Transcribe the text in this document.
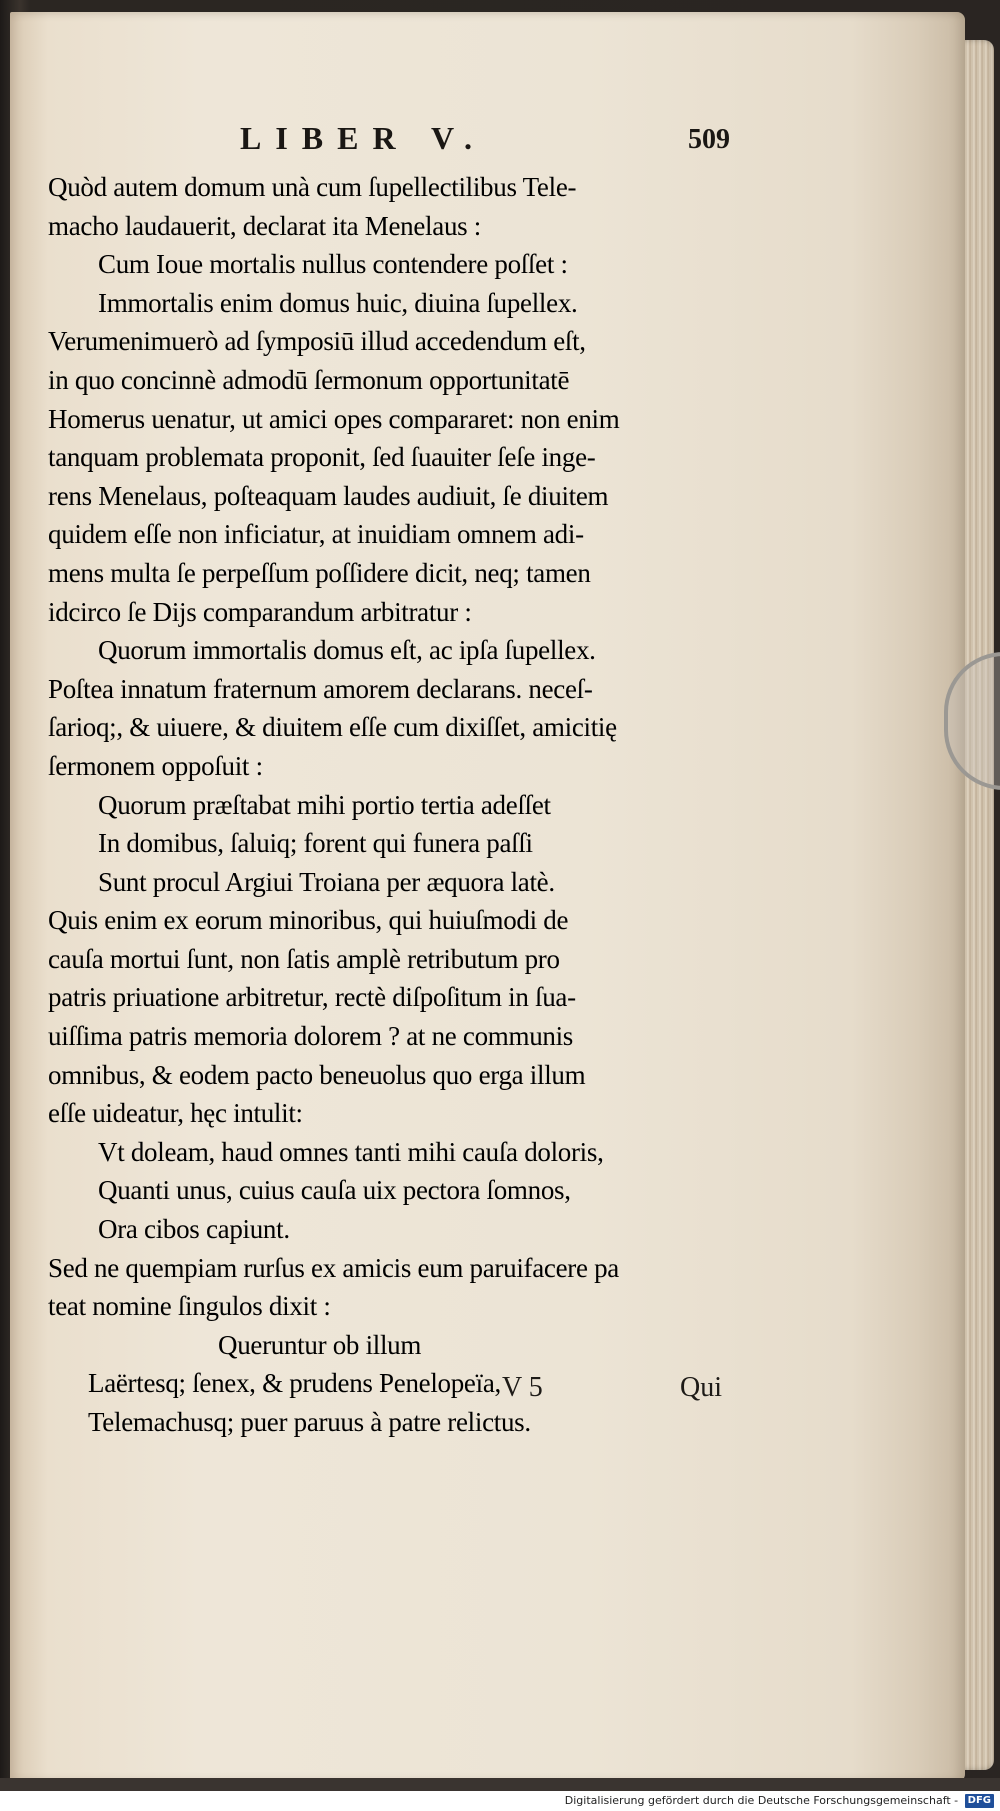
LIBER V.	509
Quòd autem domum unà cum ſupellectilibus Tele-
macho laudauerit, declarat ita Menelaus :
Cum Ioue mortalis nullus contendere poſſet :
Immortalis enim domus huic, diuina ſupellex.
Verumenimuerò ad ſymposiū illud accedendum eſt,
in quo concinnè admodū ſermonum opportunitatē
Homerus uenatur, ut amici opes compararet: non enim
tanquam problemata proponit, ſed ſuauiter ſeſe inge-
rens Menelaus, poſteaquam laudes audiuit, ſe diuitem
quidem eſſe non inficiatur, at inuidiam omnem adi-
mens multa ſe perpeſſum poſſidere dicit, neq; tamen
idcirco ſe Dijs comparandum arbitratur :
Quorum immortalis domus eſt, ac ipſa ſupellex.
Poſtea innatum fraternum amorem declarans. neceſ-
ſarioq;, & uiuere, & diuitem eſſe cum dixiſſet, amicitię
ſermonem oppoſuit :
Quorum præſtabat mihi portio tertia adeſſet
In domibus, ſaluiq; forent qui funera paſſi
Sunt procul Argiui Troiana per æquora latè.
Quis enim ex eorum minoribus, qui huiuſmodi de
cauſa mortui ſunt, non ſatis amplè retributum pro
patris priuatione arbitretur, rectè diſpoſitum in ſua-
uiſſima patris memoria dolorem ? at ne communis
omnibus, & eodem pacto beneuolus quo erga illum
eſſe uideatur, hęc intulit:
Vt doleam, haud omnes tanti mihi cauſa doloris,
Quanti unus, cuius cauſa uix pectora ſomnos,
Ora cibos capiunt.
Sed ne quempiam rurſus ex amicis eum paruifacere pa
teat nomine ſingulos dixit :
Queruntur ob illum
Laërtesq; ſenex, & prudens Penelopeïa,
Telemachusq; puer paruus à patre relictus.
V 5	Qui
Digitalisierung gefördert durch die Deutsche Forschungsgemeinschaft - DFG
